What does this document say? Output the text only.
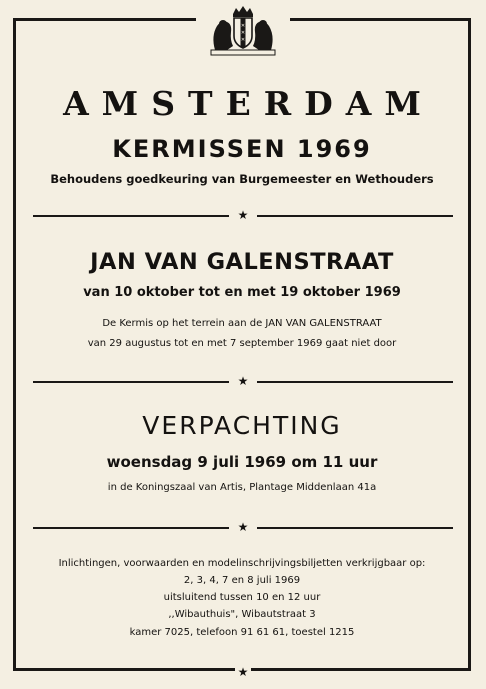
✕
✕
✕
AMSTERDAM
KERMISSEN 1969
Behoudens goedkeuring van Burgemeester en Wethouders
★
JAN VAN GALENSTRAAT
van 10 oktober tot en met 19 oktober 1969
De Kermis op het terrein aan de JAN VAN GALENSTRAAT
van 29 augustus tot en met 7 september 1969 gaat niet door
★
VERPACHTING
woensdag 9 juli 1969 om 11 uur
in de Koningszaal van Artis, Plantage Middenlaan 41a
★
Inlichtingen, voorwaarden en modelinschrijvingsbiljetten verkrijgbaar op:
2, 3, 4, 7 en 8 juli 1969
uitsluitend tussen 10 en 12 uur
,,Wibauthuis", Wibautstraat 3
kamer 7025, telefoon 91 61 61, toestel 1215
★
